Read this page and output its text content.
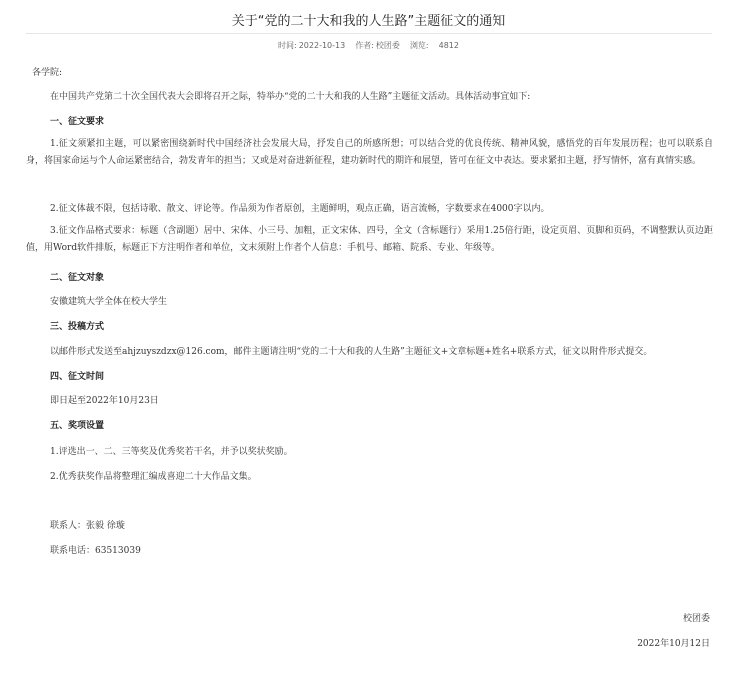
关于“党的二十大和我的人生路”主题征文的通知
时间: 2022-10-13 作者: 校团委 浏览: 4812
各学院:
在中国共产党第二十次全国代表大会即将召开之际，特举办“党的二十大和我的人生路”主题征文活动。具体活动事宜如下:
一、征文要求
1.征文须紧扣主题，可以紧密围绕新时代中国经济社会发展大局，抒发自己的所感所想；可以结合党的优良传统、精神风貌，感悟党的百年发展历程；也可以联系自身，将国家命运与个人命运紧密结合，勃发青年的担当；又或是对奋进新征程，建功新时代的期许和展望，皆可在征文中表达。要求紧扣主题，抒写情怀，富有真情实感。
2.征文体裁不限，包括诗歌、散文、评论等。作品须为作者原创，主题鲜明，观点正确，语言流畅，字数要求在4000字以内。
3.征文作品格式要求：标题（含副题）居中、宋体、小三号、加粗，正文宋体、四号，全文（含标题行）采用1.25倍行距，设定页眉、页脚和页码，不调整默认页边距值，用Word软件排版，标题正下方注明作者和单位，文末须附上作者个人信息：手机号、邮箱、院系、专业、年级等。
二、征文对象
安徽建筑大学全体在校大学生
三、投稿方式
以邮件形式发送至ahjzuyszdzx@126.com，邮件主题请注明“党的二十大和我的人生路”主题征文+文章标题+姓名+联系方式，征文以附件形式提交。
四、征文时间
即日起至2022年10月23日
五、奖项设置
1.评选出一、二、三等奖及优秀奖若干名，并予以奖状奖励。
2.优秀获奖作品将整理汇编成喜迎二十大作品文集。
联系人：张毅 徐璇
联系电话：63513039
校团委
2022年10月12日
